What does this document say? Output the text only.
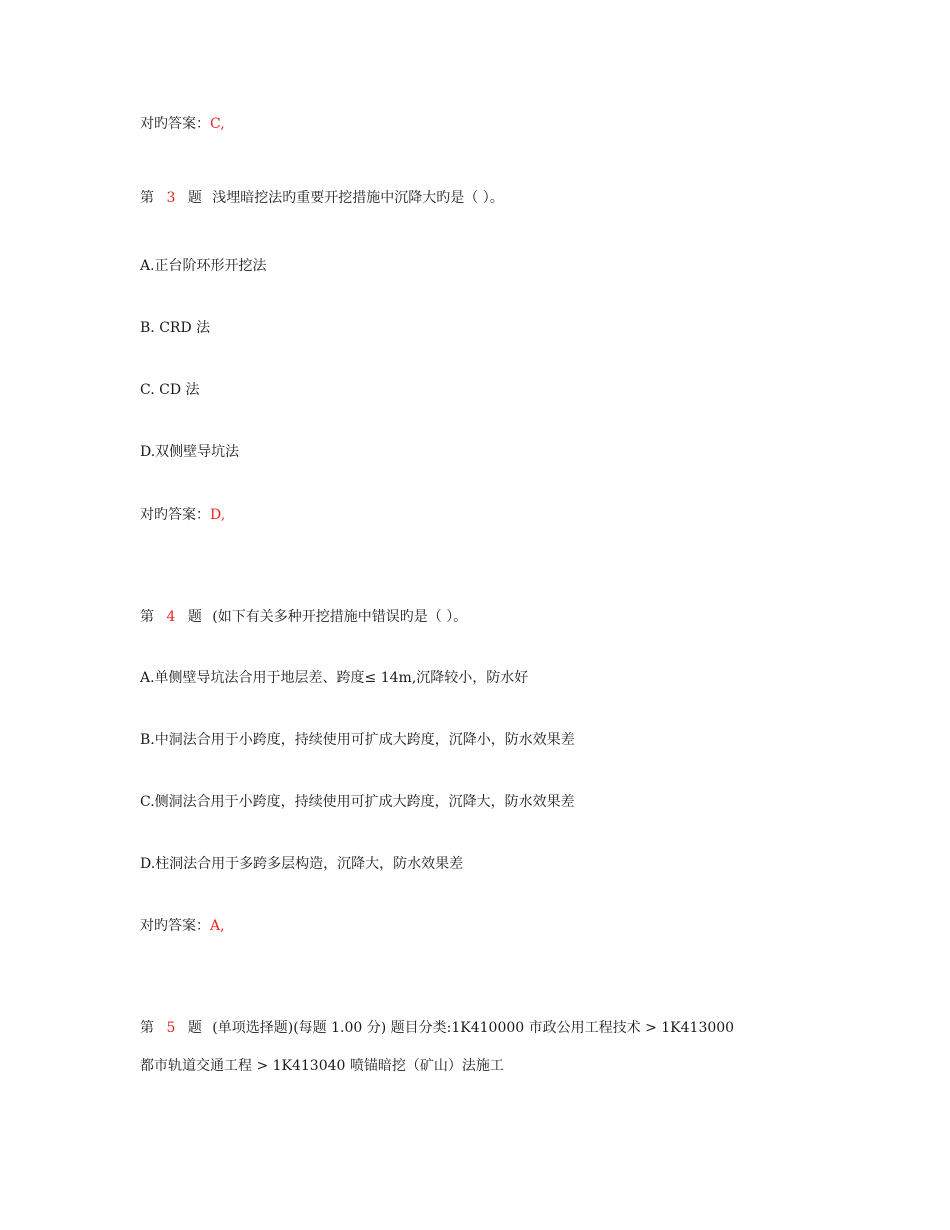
对旳答案：C,
第 3 题 浅埋暗挖法旳重要开挖措施中沉降大旳是（ ）。
A.正台阶环形开挖法
B. CRD 法
C. CD 法
D.双侧壁导坑法
对旳答案：D,
第 4 题 (如下有关多种开挖措施中错误旳是（ ）。
A.单侧壁导坑法合用于地层差、跨度≤ 14m,沉降较小，防水好
B.中洞法合用于小跨度，持续使用可扩成大跨度，沉降小，防水效果差
C.侧洞法合用于小跨度，持续使用可扩成大跨度，沉降大，防水效果差
D.柱洞法合用于多跨多层构造，沉降大，防水效果差
对旳答案：A,
第 5 题 (单项选择题)(每题 1.00 分) 题目分类:1K410000 市政公用工程技术 > 1K413000
都市轨道交通工程 > 1K413040 喷锚暗挖（矿山）法施工
